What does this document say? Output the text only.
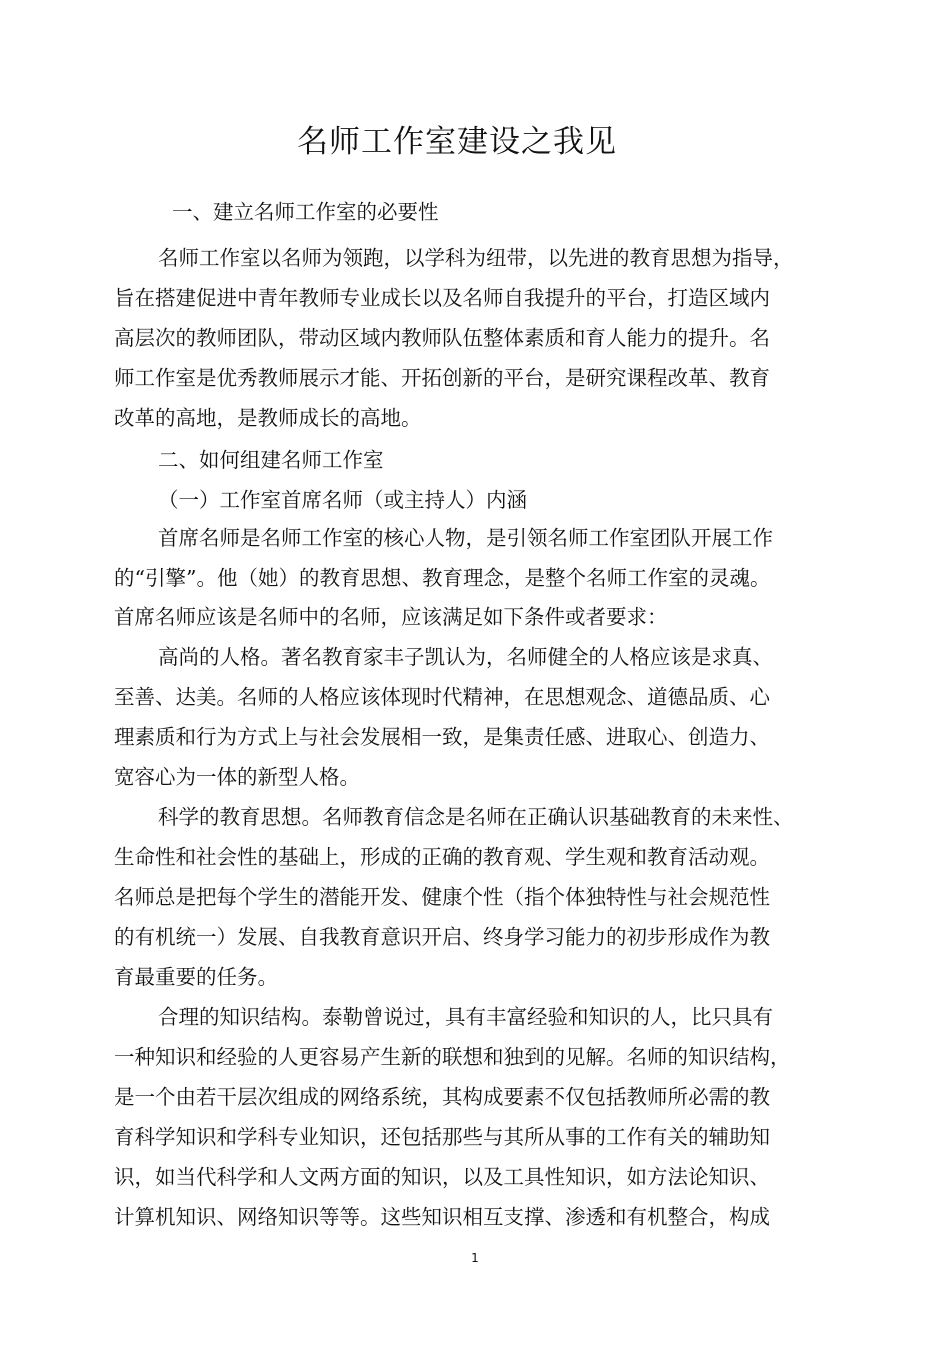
名师工作室建设之我见

一、建立名师工作室的必要性

名师工作室以名师为领跑，以学科为纽带，以先进的教育思想为指导，

旨在搭建促进中青年教师专业成长以及名师自我提升的平台，打造区域内

高层次的教师团队，带动区域内教师队伍整体素质和育人能力的提升。名

师工作室是优秀教师展示才能、开拓创新的平台，是研究课程改革、教育

改革的高地，是教师成长的高地。

二、如何组建名师工作室

（一）工作室首席名师（或主持人）内涵

首席名师是名师工作室的核心人物，是引领名师工作室团队开展工作

的“引擎”。他（她）的教育思想、教育理念，是整个名师工作室的灵魂。

首席名师应该是名师中的名师，应该满足如下条件或者要求：

高尚的人格。著名教育家丰子凯认为，名师健全的人格应该是求真、

至善、达美。名师的人格应该体现时代精神，在思想观念、道德品质、心

理素质和行为方式上与社会发展相一致，是集责任感、进取心、创造力、

宽容心为一体的新型人格。

科学的教育思想。名师教育信念是名师在正确认识基础教育的未来性、

生命性和社会性的基础上，形成的正确的教育观、学生观和教育活动观。

名师总是把每个学生的潜能开发、健康个性（指个体独特性与社会规范性

的有机统一）发展、自我教育意识开启、终身学习能力的初步形成作为教

育最重要的任务。

合理的知识结构。泰勒曾说过，具有丰富经验和知识的人，比只具有

一种知识和经验的人更容易产生新的联想和独到的见解。名师的知识结构，

是一个由若干层次组成的网络系统，其构成要素不仅包括教师所必需的教

育科学知识和学科专业知识，还包括那些与其所从事的工作有关的辅助知

识，如当代科学和人文两方面的知识，以及工具性知识，如方法论知识、

计算机知识、网络知识等等。这些知识相互支撑、渗透和有机整合，构成

1
